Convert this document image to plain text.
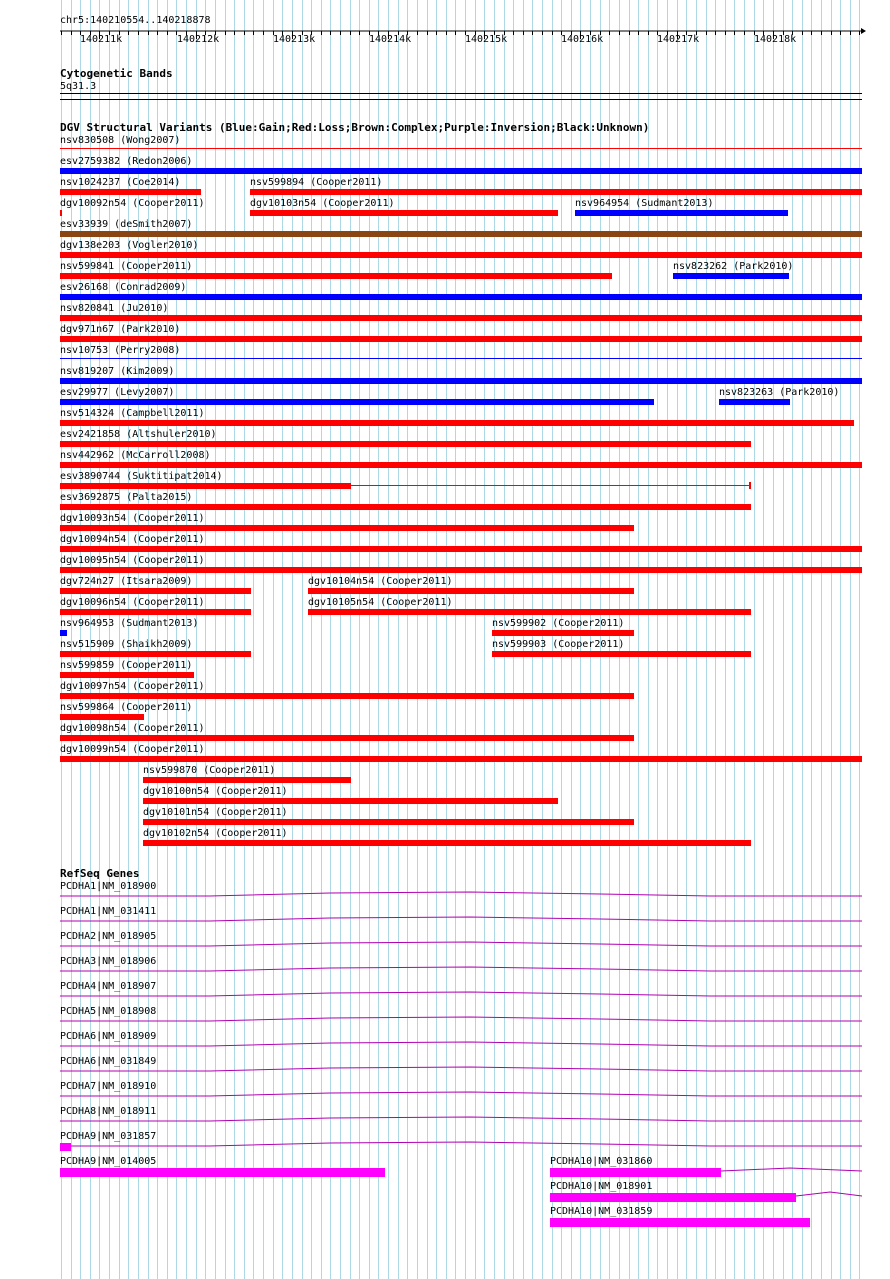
chr5:140210554..140218878
140211k	140212k	140213k	140214k	140215k	140216k	140217k	140218k
Cytogenetic Bands
5q31.3
DGV Structural Variants (Blue:Gain;Red:Loss;Brown:Complex;Purple:Inversion;Black:Unknown)
nsv830508 (Wong2007)
esv2759382 (Redon2006)
nsv1024237 (Coe2014)	nsv599894 (Cooper2011)
dgv10092n54 (Cooper2011)	dgv10103n54 (Cooper2011)	nsv964954 (Sudmant2013)
esv33939 (deSmith2007)
dgv138e203 (Vogler2010)
nsv599841 (Cooper2011)	nsv823262 (Park2010)
esv26168 (Conrad2009)
nsv820841 (Ju2010)
dgv971n67 (Park2010)
nsv10753 (Perry2008)
nsv819207 (Kim2009)
esv29977 (Levy2007)	nsv823263 (Park2010)
nsv514324 (Campbell2011)
esv2421858 (Altshuler2010)
nsv442962 (McCarroll2008)
esv3890744 (Suktitipat2014)
esv3692875 (Palta2015)
dgv10093n54 (Cooper2011)
dgv10094n54 (Cooper2011)
dgv10095n54 (Cooper2011)
dgv724n27 (Itsara2009)	dgv10104n54 (Cooper2011)
dgv10096n54 (Cooper2011)	dgv10105n54 (Cooper2011)
nsv964953 (Sudmant2013)	nsv599902 (Cooper2011)
nsv515909 (Shaikh2009)	nsv599903 (Cooper2011)
nsv599859 (Cooper2011)
dgv10097n54 (Cooper2011)
nsv599864 (Cooper2011)
dgv10098n54 (Cooper2011)
dgv10099n54 (Cooper2011)
nsv599870 (Cooper2011)
dgv10100n54 (Cooper2011)
dgv10101n54 (Cooper2011)
dgv10102n54 (Cooper2011)
RefSeq Genes
PCDHA1|NM_018900
PCDHA1|NM_031411
PCDHA2|NM_018905
PCDHA3|NM_018906
PCDHA4|NM_018907
PCDHA5|NM_018908
PCDHA6|NM_018909
PCDHA6|NM_031849
PCDHA7|NM_018910
PCDHA8|NM_018911
PCDHA9|NM_031857
PCDHA9|NM_014005	PCDHA10|NM_031860
PCDHA10|NM_018901
PCDHA10|NM_031859
